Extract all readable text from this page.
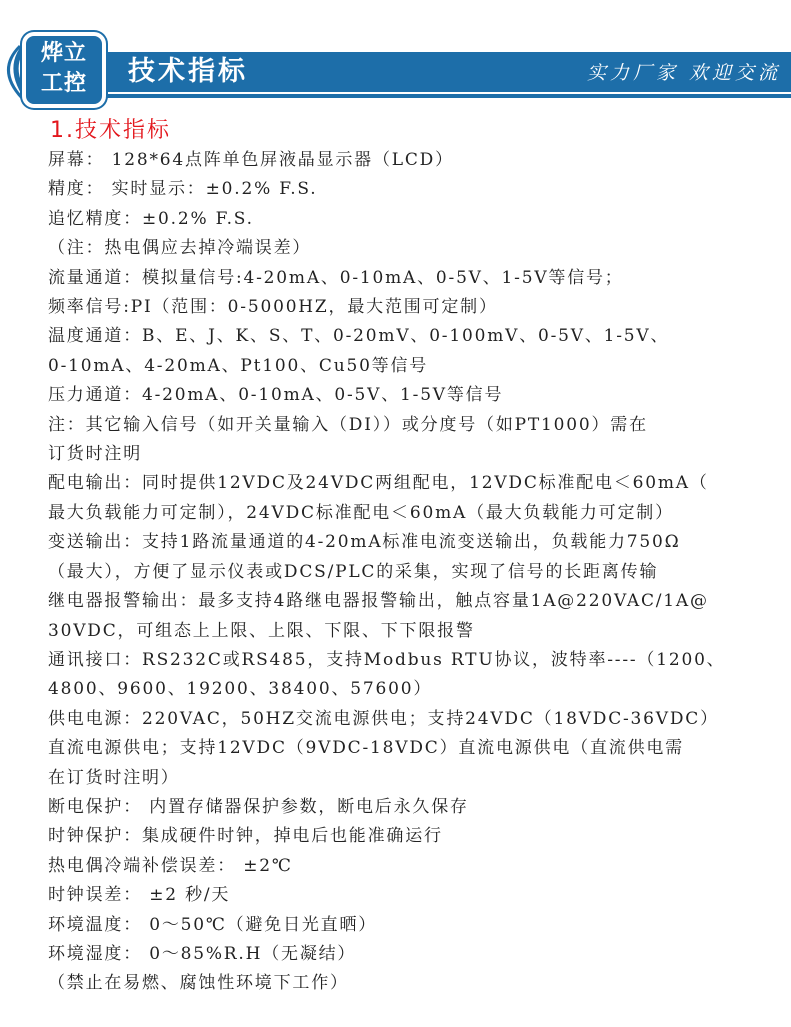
技术指标	实力厂家 欢迎交流
烨立
工控
1.技术指标

屏幕： 128*64点阵单色屏液晶显示器（LCD）

精度： 实时显示：±0.2% F.S.

追忆精度：±0.2% F.S.

（注：热电偶应去掉冷端误差）

流量通道：模拟量信号:4-20mA、0-10mA、0-5V、1-5V等信号；

频率信号:PI（范围：0-5000HZ，最大范围可定制）

温度通道：B、E、J、K、S、T、0-20mV、0-100mV、0-5V、1-5V、

0-10mA、4-20mA、Pt100、Cu50等信号

压力通道：4-20mA、0-10mA、0-5V、1-5V等信号

注：其它输入信号（如开关量输入（DI））或分度号（如PT1000）需在

订货时注明

配电输出：同时提供12VDC及24VDC两组配电，12VDC标准配电＜60mA（

最大负载能力可定制），24VDC标准配电＜60mA（最大负载能力可定制）

变送输出：支持1路流量通道的4-20mA标准电流变送输出，负载能力750Ω

（最大），方便了显示仪表或DCS/PLC的采集，实现了信号的长距离传输

继电器报警输出：最多支持4路继电器报警输出，触点容量1A@220VAC/1A@

30VDC，可组态上上限、上限、下限、下下限报警

通讯接口：RS232C或RS485，支持Modbus RTU协议，波特率----（1200、

4800、9600、19200、38400、57600）

供电电源：220VAC，50HZ交流电源供电；支持24VDC（18VDC-36VDC）

直流电源供电；支持12VDC（9VDC-18VDC）直流电源供电（直流供电需

在订货时注明）

断电保护： 内置存储器保护参数，断电后永久保存

时钟保护：集成硬件时钟，掉电后也能准确运行

热电偶冷端补偿误差： ±2℃

时钟误差： ±2 秒/天

环境温度： 0～50℃（避免日光直晒）

环境湿度： 0～85%R.H（无凝结）

（禁止在易燃、腐蚀性环境下工作）
